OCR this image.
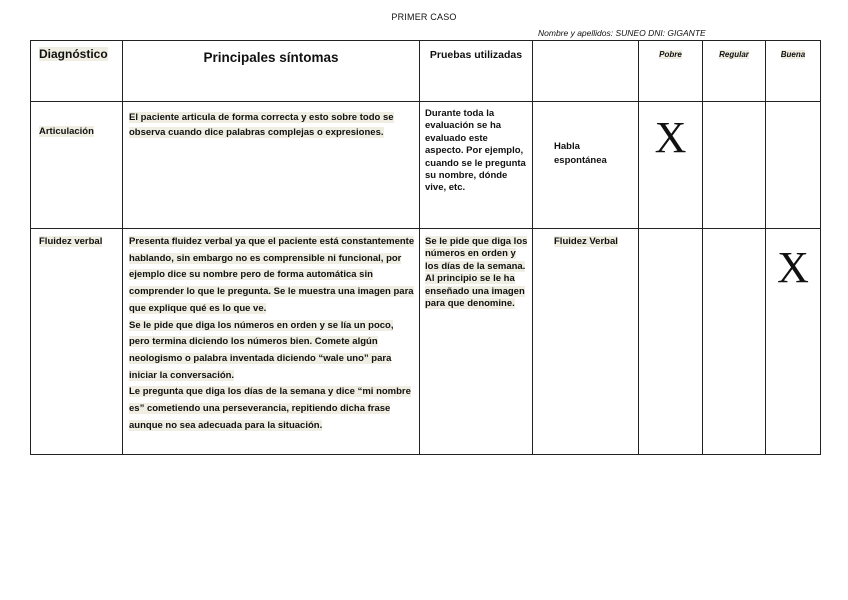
PRIMER CASO
Nombre y apellidos: SUNEO DNI: GIGANTE
Diagnóstico	Principales síntomas	Pruebas utilizadas		Pobre	Regular	Buena
Articulación	El paciente articula de forma correcta y esto sobre todo se observa cuando dice palabras complejas o expresiones.	Durante toda la evaluación se ha evaluado este aspecto. Por ejemplo, cuando se le pregunta su nombre, dónde vive, etc.	Habla espontánea	X		
Fluidez verbal	Presenta fluidez verbal ya que el paciente está constantemente hablando, sin embargo no es comprensible ni funcional, por ejemplo dice su nombre pero de forma automática sin comprender lo que le pregunta. Se le muestra una imagen para que explique qué es lo que ve.
Se le pide que diga los números en orden y se lía un poco, pero termina diciendo los números bien. Comete algún neologismo o palabra inventada diciendo “wale uno” para iniciar la conversación.
Le pregunta que diga los días de la semana y dice “mi nombre es” cometiendo una perseverancia, repitiendo dicha frase aunque no sea adecuada para la situación.	Se le pide que diga los números en orden y los días de la semana. Al principio se le ha enseñado una imagen para que denomine.	Fluidez Verbal			X
